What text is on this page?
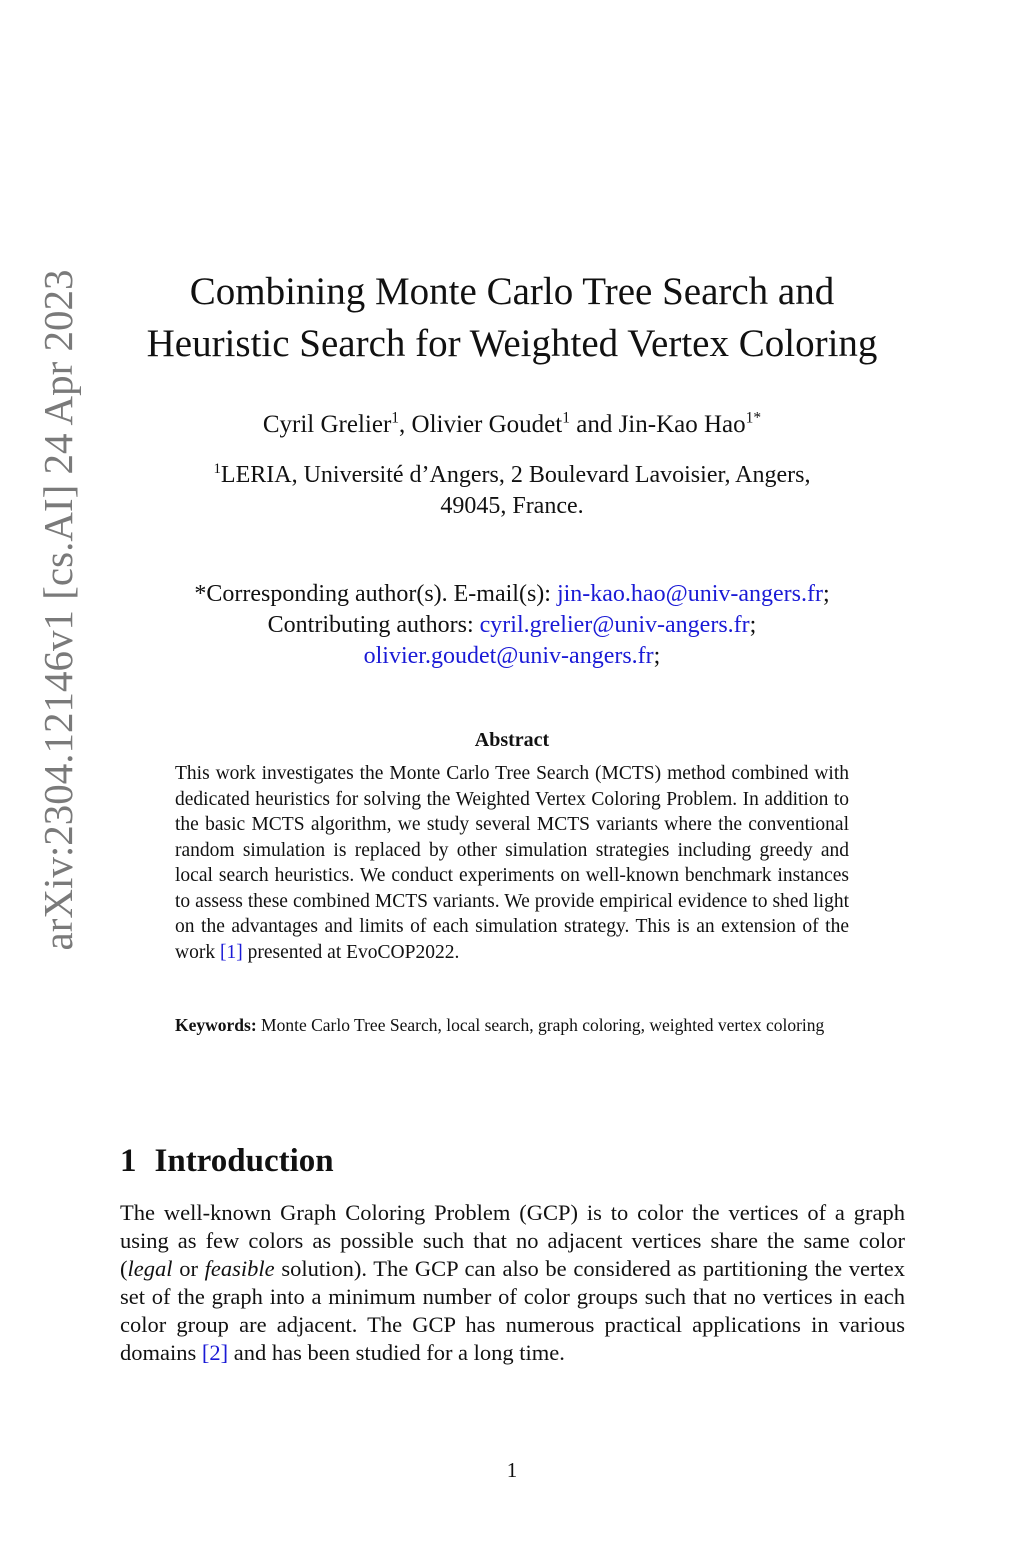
arXiv:2304.12146v1 [cs.AI] 24 Apr 2023	Combining Monte Carlo Tree Search and
Heuristic Search for Weighted Vertex Coloring
Cyril Grelier$^1$, Olivier Goudet$^1$ and Jin-Kao Hao$^{1*}$
$^1$LERIA, Université d’Angers, 2 Boulevard Lavoisier, Angers,
49045, France.
*Corresponding author(s). E-mail(s): jin-kao.hao@univ-angers.fr;
Contributing authors: cyril.grelier@univ-angers.fr;
olivier.goudet@univ-angers.fr;
Abstract
This work investigates the Monte Carlo Tree Search (MCTS) method combined with dedicated heuristics for solving the Weighted Vertex Coloring Problem. In addition to the basic MCTS algorithm, we study several MCTS variants where the conventional random simulation is replaced by other simulation strategies including greedy and local search heuristics. We conduct experiments on well-known benchmark instances to assess these combined MCTS variants. We provide empirical evidence to shed light on the advantages and limits of each simulation strategy. This is an extension of the work [1] presented at EvoCOP2022.
Keywords: Monte Carlo Tree Search, local search, graph coloring, weighted vertex coloring
1 Introduction
The well-known Graph Coloring Problem (GCP) is to color the vertices of a graph using as few colors as possible such that no adjacent vertices share the same color (legal or feasible solution). The GCP can also be considered as partitioning the vertex set of the graph into a minimum number of color groups such that no vertices in each color group are adjacent. The GCP has numerous practical applications in various domains [2] and has been studied for a long time.
1
